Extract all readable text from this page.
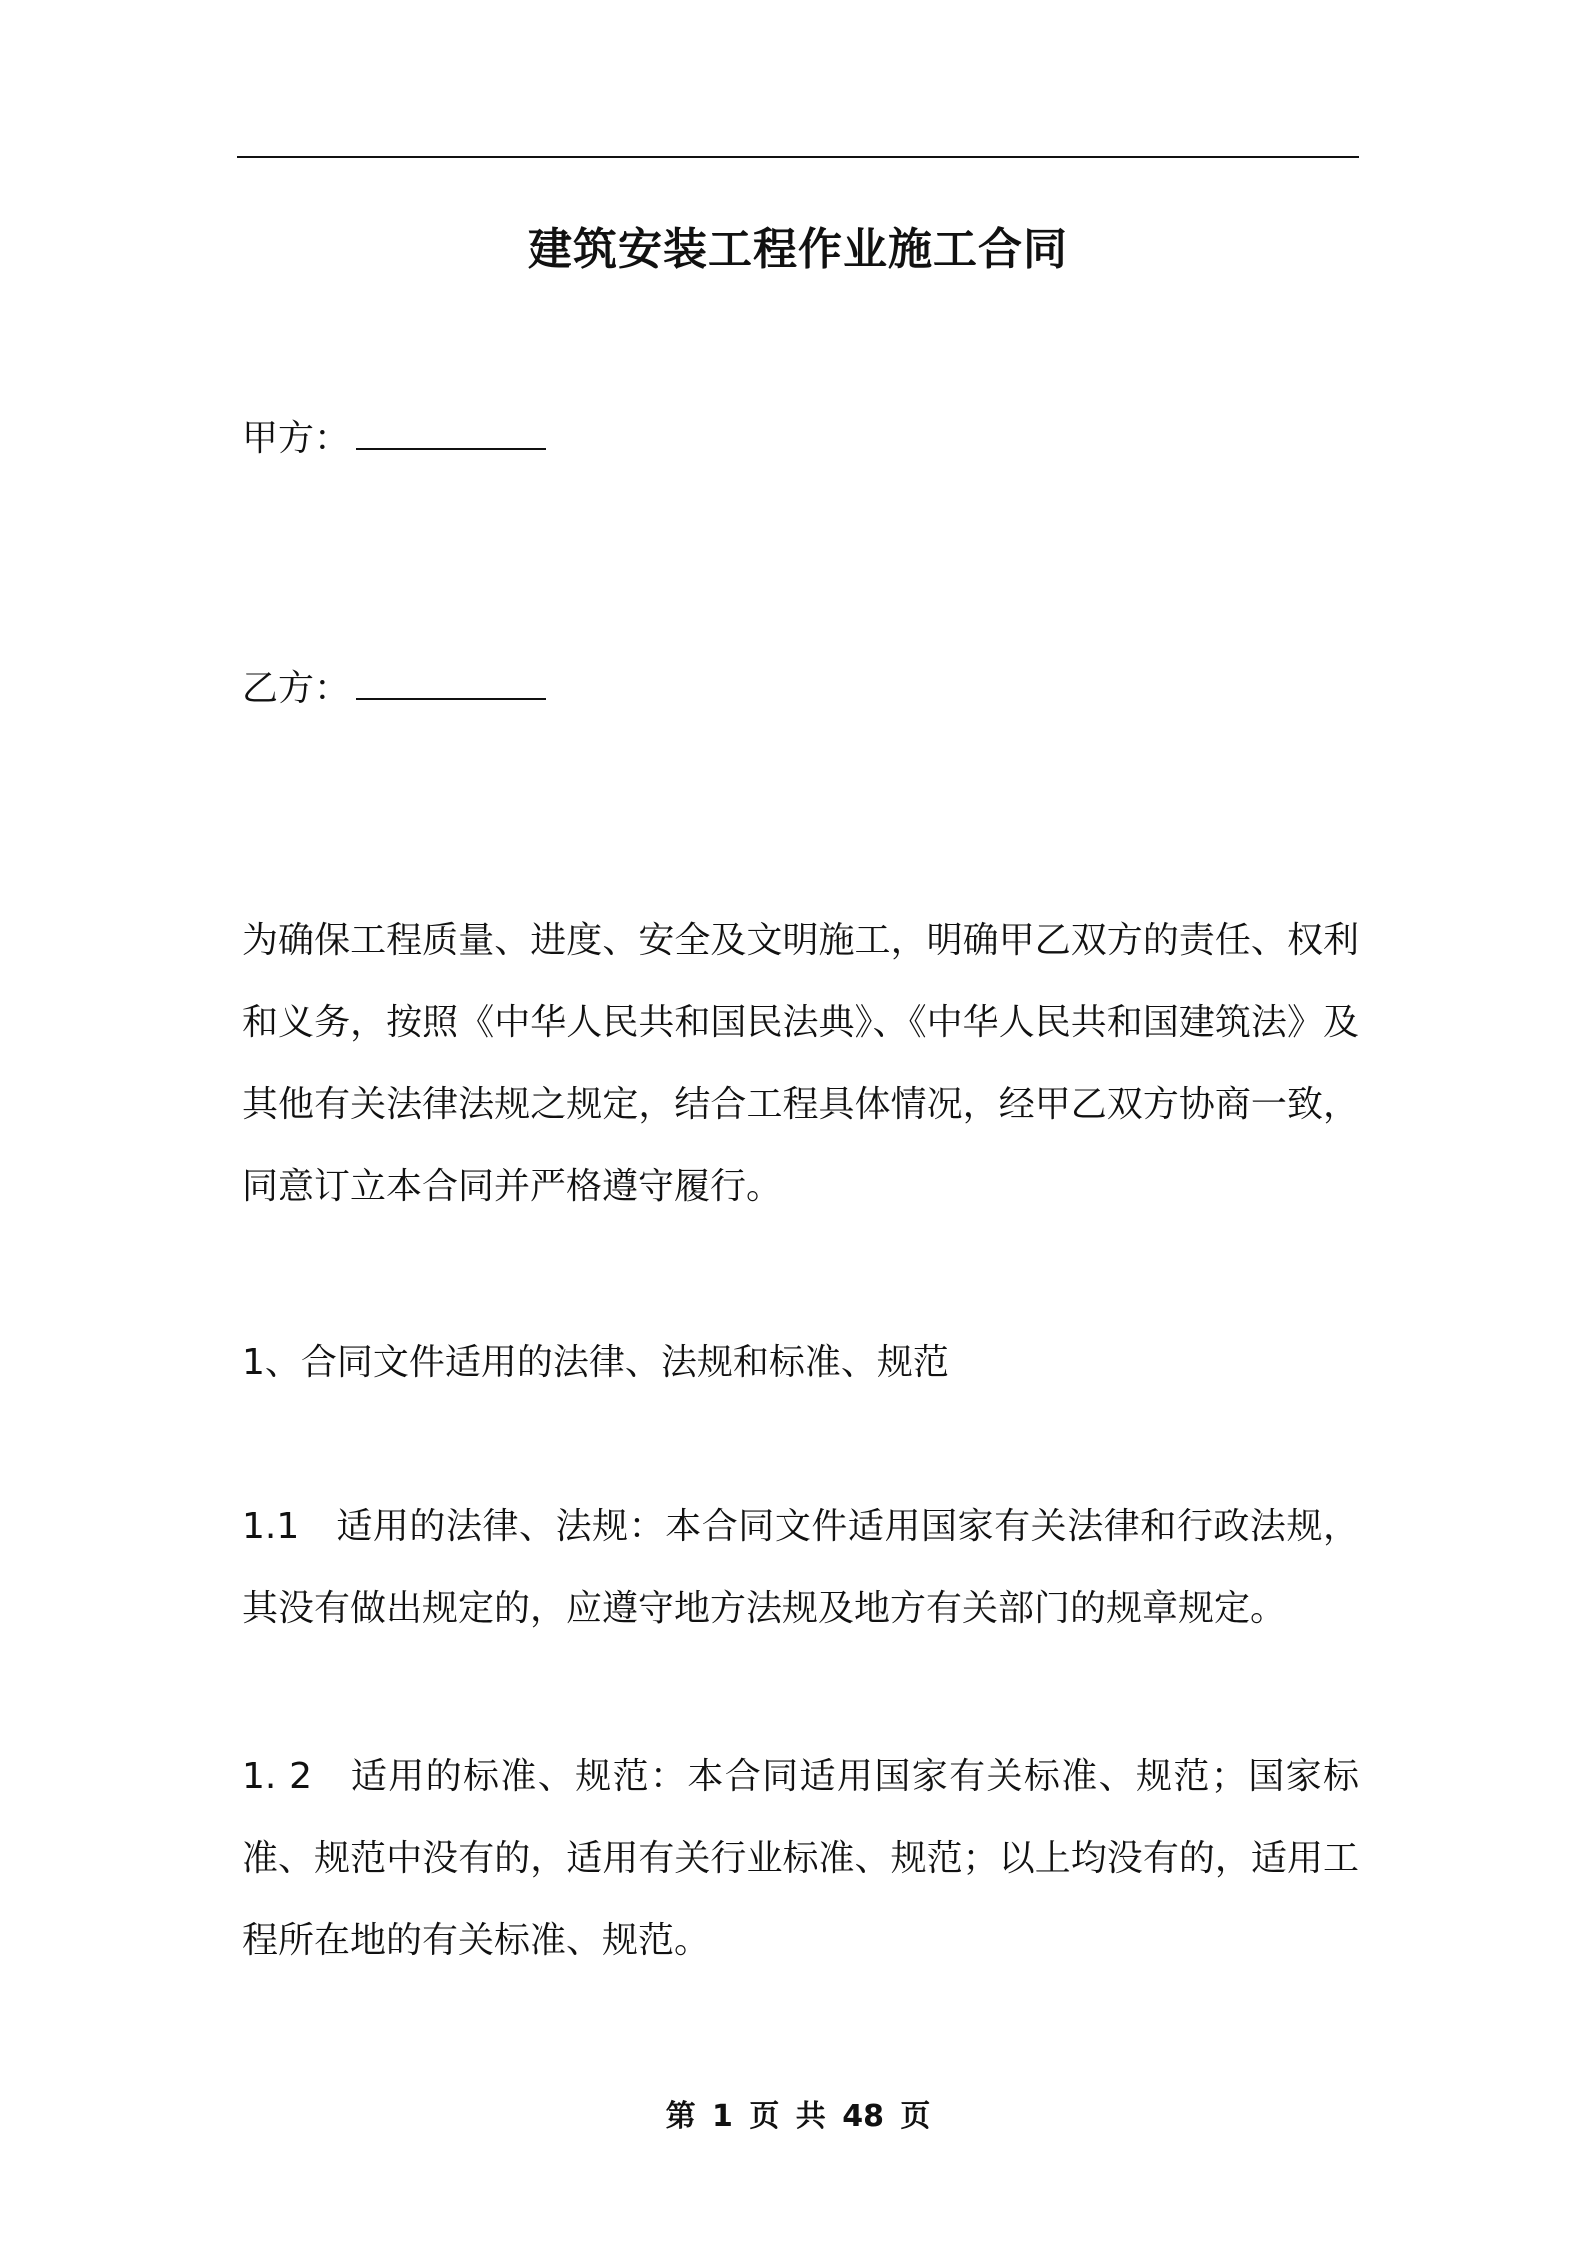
建筑安装工程作业施工合同

甲方：

乙方：

为确保工程质量、进度、安全及文明施工，明确甲乙双方的责任、权利和义务，按照《中华人民共和国民法典》、《中华人民共和国建筑法》及其他有关法律法规之规定，结合工程具体情况，经甲乙双方协商一致，同意订立本合同并严格遵守履行。

1、合同文件适用的法律、法规和标准、规范

1.1　适用的法律、法规：本合同文件适用国家有关法律和行政法规，其没有做出规定的，应遵守地方法规及地方有关部门的规章规定。

1. 2　适用的标准、规范：本合同适用国家有关标准、规范；国家标准、规范中没有的，适用有关行业标准、规范；以上均没有的，适用工程所在地的有关标准、规范。

第 1 页 共 48 页
